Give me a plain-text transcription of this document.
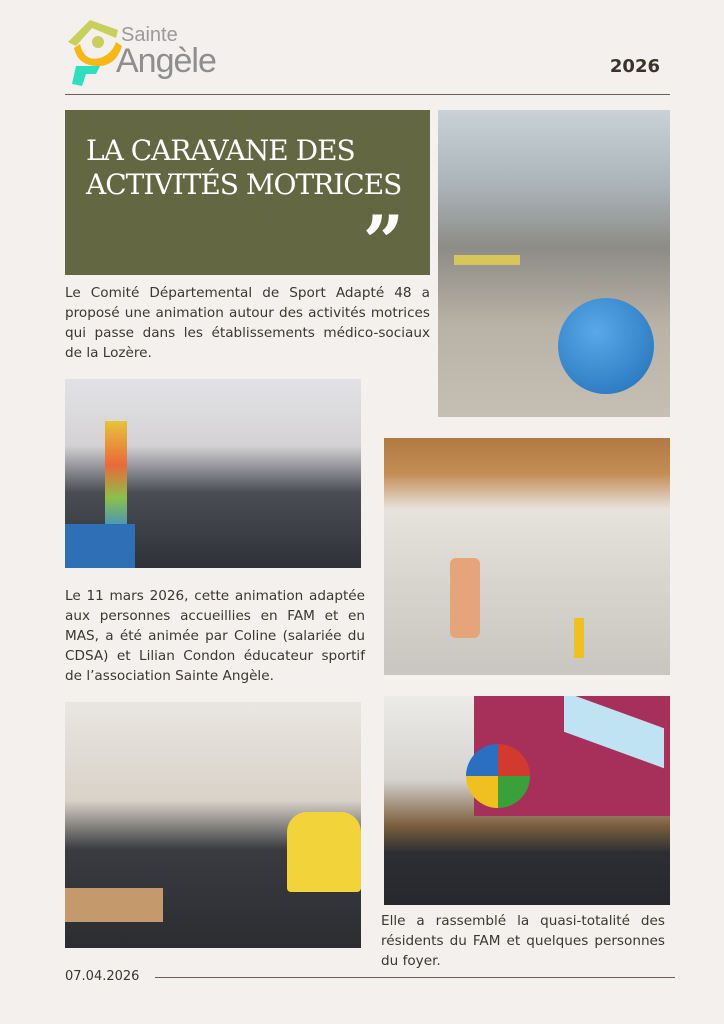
Sainte
Angèle	2026
LA CARAVANE DES ACTIVITÉS MOTRICES
”

Le Comité Départemental de Sport Adapté 48 a proposé une animation autour des activités motrices qui passe dans les établissements médico-sociaux de la Lozère.

Le 11 mars 2026, cette animation adaptée aux personnes accueillies en FAM et en MAS, a été animée par Coline (salariée du CDSA) et Lilian Condon éducateur sportif de l’association Sainte Angèle.

Elle a rassemblé la quasi-totalité des résidents du FAM et quelques personnes du foyer.

07.04.2026
